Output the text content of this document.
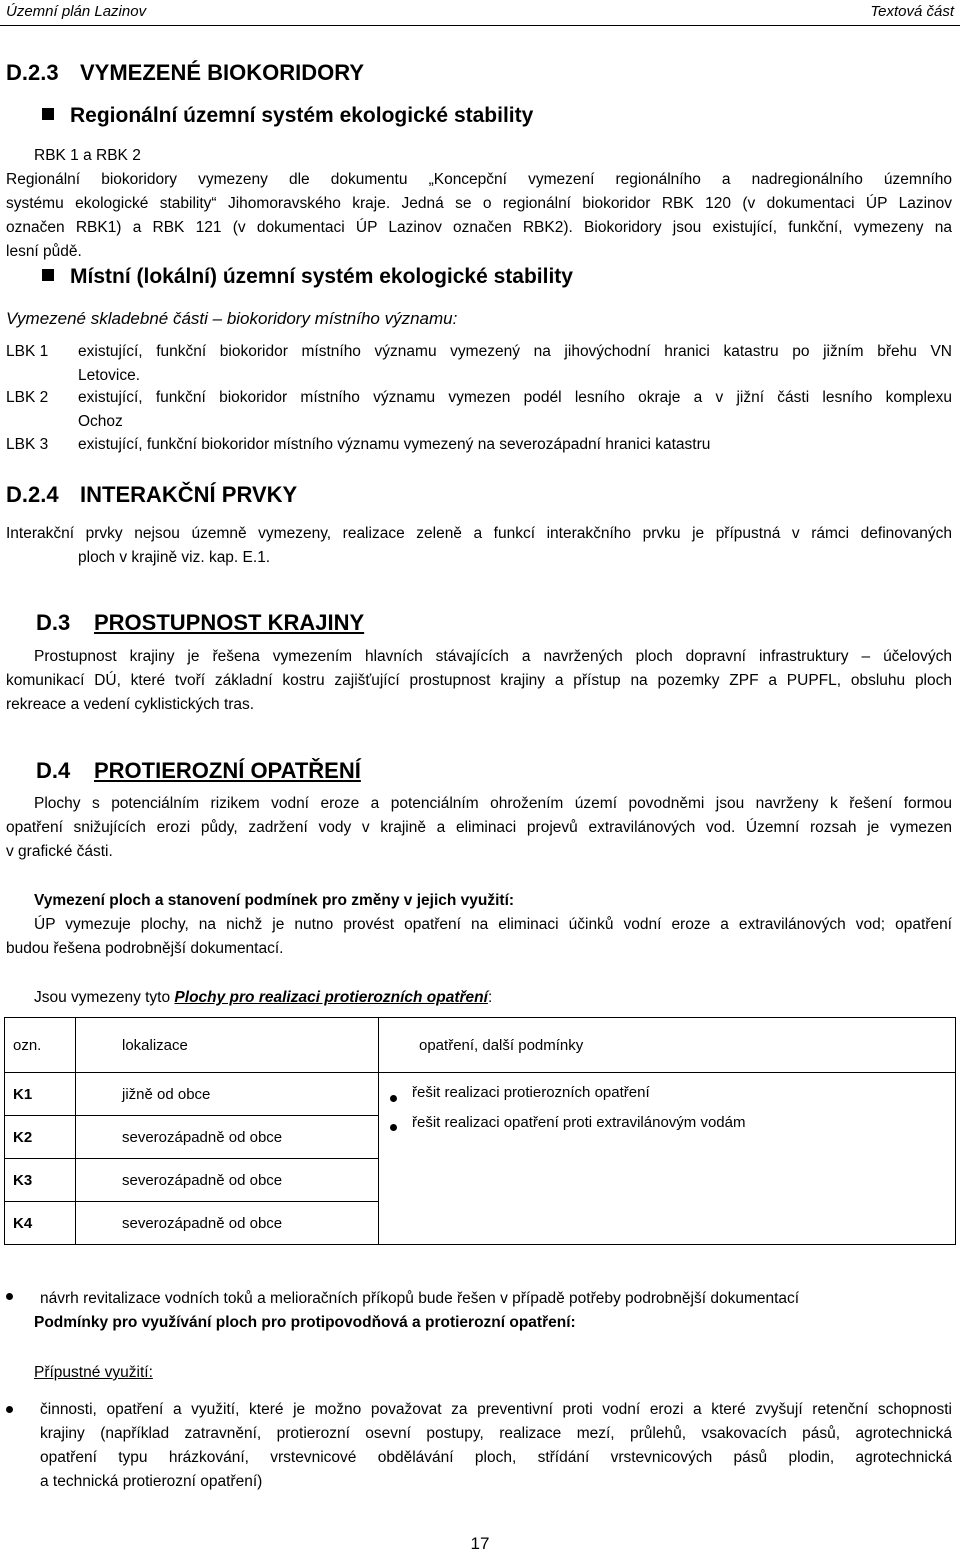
Územní plán Lazinov	Textová část
D.2.3 VYMEZENÉ BIOKORIDORY
Regionální územní systém ekologické stability
RBK 1 a RBK 2
Regionální biokoridory vymezeny dle dokumentu „Koncepční vymezení regionálního a nadregionálního územního
systému ekologické stability“ Jihomoravského kraje. Jedná se o regionální biokoridor RBK 120 (v dokumentaci ÚP Lazinov
označen RBK1) a RBK 121 (v dokumentaci ÚP Lazinov označen RBK2). Biokoridory jsou existující, funkční, vymezeny na
lesní půdě.
Místní (lokální) územní systém ekologické stability
Vymezené skladebné části – biokoridory místního významu:
LBK 1 existující, funkční biokoridor místního významu vymezený na jihovýchodní hranici katastru po jižním břehu VN
Letovice.
LBK 2 existující, funkční biokoridor místního významu vymezen podél lesního okraje a v jižní části lesního komplexu
Ochoz
LBK 3 existující, funkční biokoridor místního významu vymezený na severozápadní hranici katastru
D.2.4 INTERAKČNÍ PRVKY
Interakční prvky nejsou územně vymezeny, realizace zeleně a funkcí interakčního prvku je přípustná v rámci definovaných
ploch v krajině viz. kap. E.1.
D.3 PROSTUPNOST KRAJINY
Prostupnost krajiny je řešena vymezením hlavních stávajících a navržených ploch dopravní infrastruktury – účelových
komunikací DÚ, které tvoří základní kostru zajišťující prostupnost krajiny a přístup na pozemky ZPF a PUPFL, obsluhu ploch
rekreace a vedení cyklistických tras.
D.4 PROTIEROZNÍ OPATŘENÍ
Plochy s potenciálním rizikem vodní eroze a potenciálním ohrožením území povodněmi jsou navrženy k řešení formou
opatření snižujících erozi půdy, zadržení vody v krajině a eliminaci projevů extravilánových vod. Územní rozsah je vymezen
v grafické části.
Vymezení ploch a stanovení podmínek pro změny v jejich využití:
ÚP vymezuje plochy, na nichž je nutno provést opatření na eliminaci účinků vodní eroze a extravilánových vod; opatření
budou řešena podrobnější dokumentací.
Jsou vymezeny tyto Plochy pro realizaci protierozních opatření:
ozn.	lokalizace	opatření, další podmínky
K1	jižně od obce	řešit realizaci protierozních opatření
řešit realizaci opatření proti extravilánovým vodám

K2	severozápadně od obce	
K3	severozápadně od obce	
K4	severozápadně od obce	
návrh revitalizace vodních toků a melioračních příkopů bude řešen v případě potřeby podrobnější dokumentací
Podmínky pro využívání ploch pro protipovodňová a protierozní opatření:
Přípustné využití:
činnosti, opatření a využití, které je možno považovat za preventivní proti vodní erozi a které zvyšují retenční schopnosti
krajiny (například zatravnění, protierozní osevní postupy, realizace mezí, průlehů, vsakovacích pásů, agrotechnická
opatření typu hrázkování, vrstevnicové obdělávání ploch, střídání vrstevnicových pásů plodin, agrotechnická
a technická protierozní opatření)
17
